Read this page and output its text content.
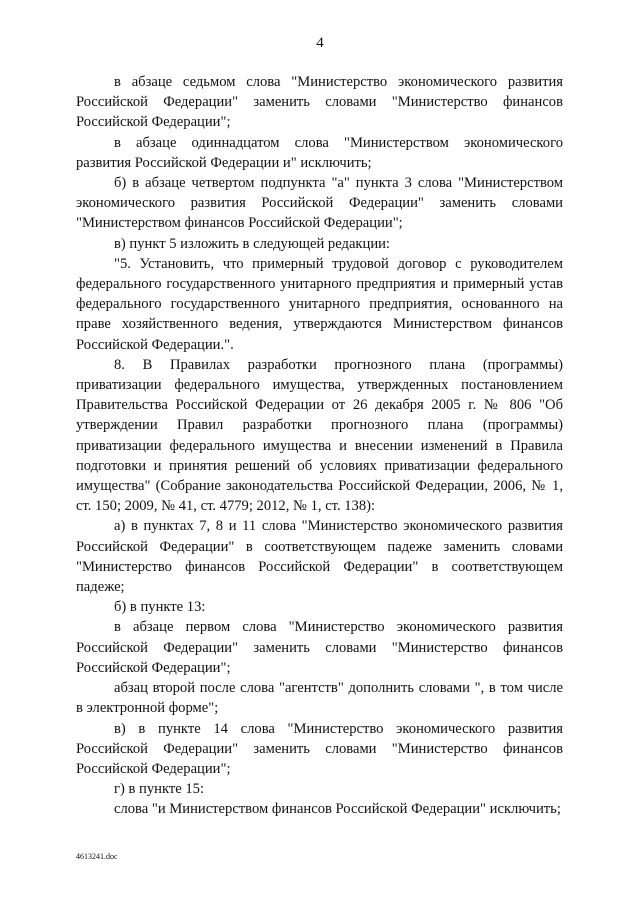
4

в абзаце седьмом слова "Министерство экономического развития Российской Федерации" заменить словами "Министерство финансов Российской Федерации";

в абзаце одиннадцатом слова "Министерством экономического развития Российской Федерации и" исключить;

б) в абзаце четвертом подпункта "а" пункта 3 слова "Министерством экономического развития Российской Федерации" заменить словами "Министерством финансов Российской Федерации";

в) пункт 5 изложить в следующей редакции:

"5. Установить, что примерный трудовой договор с руководителем федерального государственного унитарного предприятия и примерный устав федерального государственного унитарного предприятия, основанного на праве хозяйственного ведения, утверждаются Министерством финансов Российской Федерации.".

8. В Правилах разработки прогнозного плана (программы) приватизации федерального имущества, утвержденных постановлением Правительства Российской Федерации от 26 декабря 2005 г. № 806 "Об утверждении Правил разработки прогнозного плана (программы) приватизации федерального имущества и внесении изменений в Правила подготовки и принятия решений об условиях приватизации федерального имущества" (Собрание законодательства Российской Федерации, 2006, № 1, ст. 150; 2009, № 41, ст. 4779; 2012, № 1, ст. 138):

а) в пунктах 7, 8 и 11 слова "Министерство экономического развития Российской Федерации" в соответствующем падеже заменить словами "Министерство финансов Российской Федерации" в соответствующем падеже;

б) в пункте 13:

в абзаце первом слова "Министерство экономического развития Российской Федерации" заменить словами "Министерство финансов Российской Федерации";

абзац второй после слова "агентств" дополнить словами ", в том числе в электронной форме";

в) в пункте 14 слова "Министерство экономического развития Российской Федерации" заменить словами "Министерство финансов Российской Федерации";

г) в пункте 15:

слова "и Министерством финансов Российской Федерации" исключить;

4613241.doc
